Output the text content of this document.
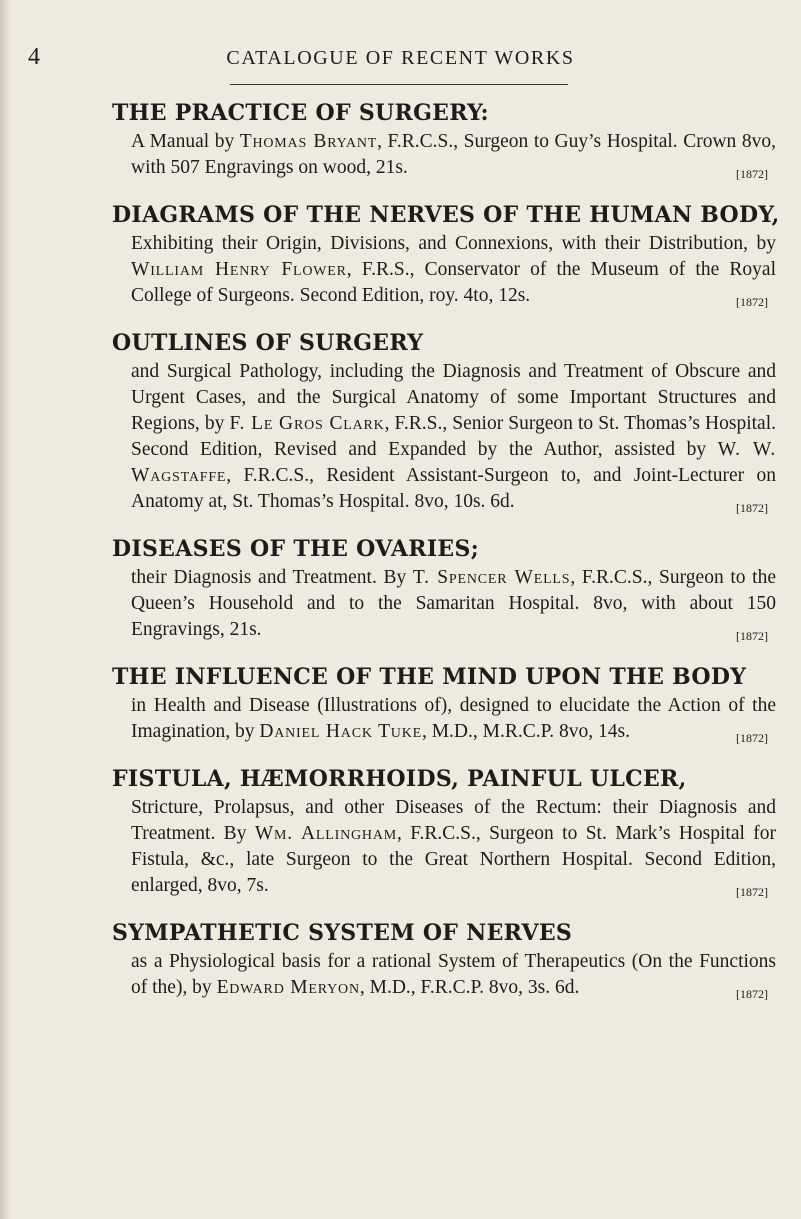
4	CATALOGUE OF RECENT WORKS
THE PRACTICE OF SURGERY:
A Manual by Thomas Bryant, F.R.C.S., Surgeon to Guy’s Hospital. Crown 8vo, with 507 Engravings on wood, 21s.	[1872]
DIAGRAMS OF THE NERVES OF THE HUMAN BODY,
Exhibiting their Origin, Divisions, and Connexions, with their Distribution, by William Henry Flower, F.R.S., Conservator of the Museum of the Royal College of Surgeons. Second Edition, roy. 4to, 12s.	[1872]
OUTLINES OF SURGERY
and Surgical Pathology, including the Diagnosis and Treatment of Obscure and Urgent Cases, and the Surgical Anatomy of some Important Structures and Regions, by F. Le Gros Clark, F.R.S., Senior Surgeon to St. Thomas’s Hospital. Second Edition, Revised and Expanded by the Author, assisted by W. W. Wagstaffe, F.R.C.S., Resident Assistant-Surgeon to, and Joint-Lecturer on Anatomy at, St. Thomas’s Hospital. 8vo, 10s. 6d.	[1872]
DISEASES OF THE OVARIES;
their Diagnosis and Treatment. By T. Spencer Wells, F.R.C.S., Surgeon to the Queen’s Household and to the Samaritan Hospital. 8vo, with about 150 Engravings, 21s.	[1872]
THE INFLUENCE OF THE MIND UPON THE BODY
in Health and Disease (Illustrations of), designed to elucidate the Action of the Imagination, by Daniel Hack Tuke, M.D., M.R.C.P. 8vo, 14s.	[1872]
FISTULA, HÆMORRHOIDS, PAINFUL ULCER,
Stricture, Prolapsus, and other Diseases of the Rectum: their Diagnosis and Treatment. By Wm. Allingham, F.R.C.S., Surgeon to St. Mark’s Hospital for Fistula, &c., late Surgeon to the Great Northern Hospital. Second Edition, enlarged, 8vo, 7s.	[1872]
SYMPATHETIC SYSTEM OF NERVES
as a Physiological basis for a rational System of Therapeutics (On the Functions of the), by Edward Meryon, M.D., F.R.C.P. 8vo, 3s. 6d.	[1872]
